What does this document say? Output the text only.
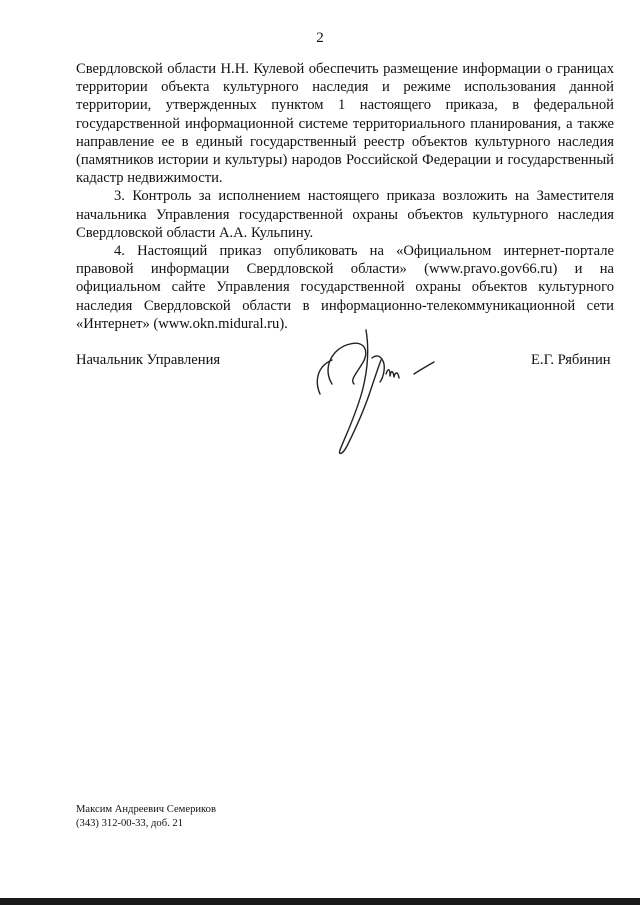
2

Свердловской области Н.Н. Кулевой обеспечить размещение информации о границах территории объекта культурного наследия и режиме использования данной территории, утвержденных пунктом 1 настоящего приказа, в федеральной государственной информационной системе территориального планирования, а также направление ее в единый государственный реестр объектов культурного наследия (памятников истории и культуры) народов Российской Федерации и государственный кадастр недвижимости.

3. Контроль за исполнением настоящего приказа возложить на Заместителя начальника Управления государственной охраны объектов культурного наследия Свердловской области А.А. Кульпину.

4. Настоящий приказ опубликовать на «Официальном интернет-портале правовой информации Свердловской области» (www.pravo.gov66.ru) и на официальном сайте Управления государственной охраны объектов культурного наследия Свердловской области в информационно-телекоммуникационной сети «Интернет» (www.okn.midural.ru).

Начальник Управления	Е.Г. Рябинин
Максим Андреевич Семериков
(343) 312-00-33, доб. 21
